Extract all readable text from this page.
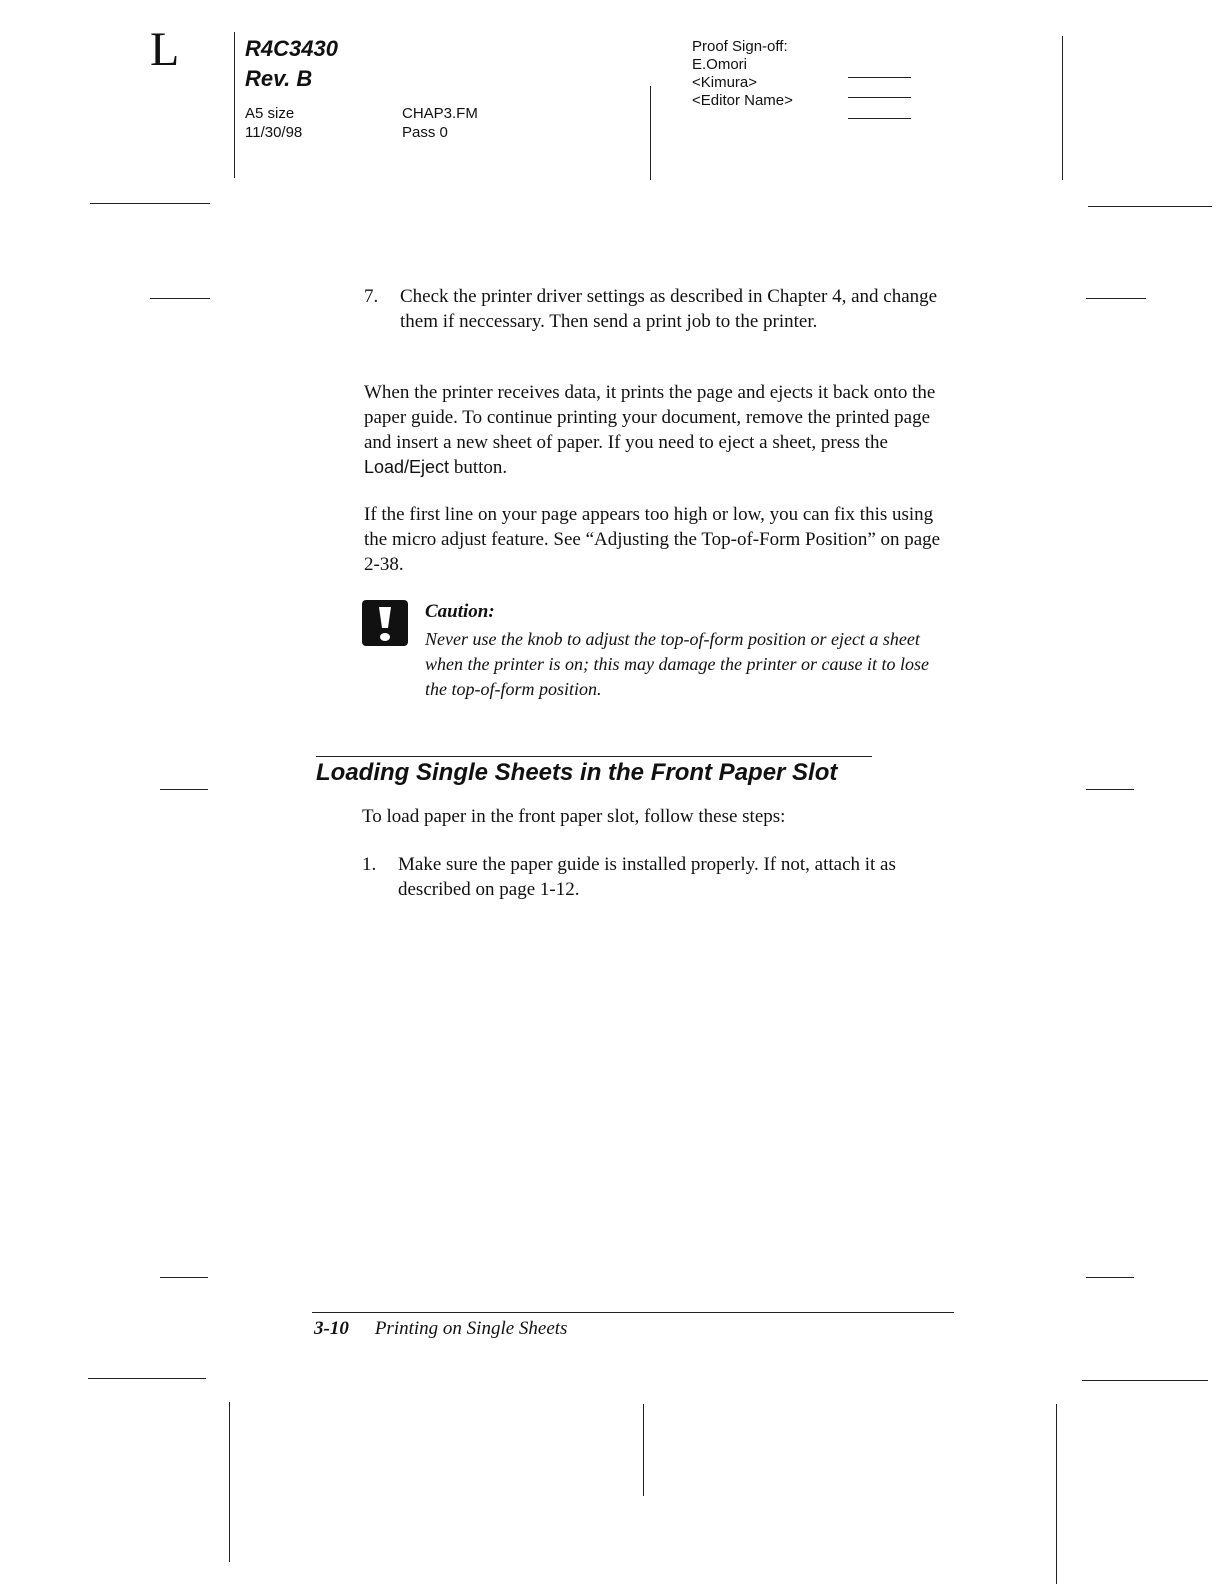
L	R4C3430
Rev. B
A5 size
11/30/98
CHAP3.FM
Pass 0
Proof Sign-off:
E.Omori
<Kimura>
<Editor Name>
7.	Check the printer driver settings as described in Chapter 4, and change them if neccessary. Then send a print job to the printer.
When the printer receives data, it prints the page and ejects it back onto the paper guide. To continue printing your document, remove the printed page and insert a new sheet of paper. If you need to eject a sheet, press the Load/Eject button.
If the first line on your page appears too high or low, you can fix this using the micro adjust feature. See “Adjusting the Top-of-Form Position” on page 2-38.
Caution:
Never use the knob to adjust the top-of-form position or eject a sheet when the printer is on; this may damage the printer or cause it to lose the top-of-form position.
Loading Single Sheets in the Front Paper Slot
To load paper in the front paper slot, follow these steps:
1.	Make sure the paper guide is installed properly. If not, attach it as described on page 1-12.
3-10 Printing on Single Sheets
